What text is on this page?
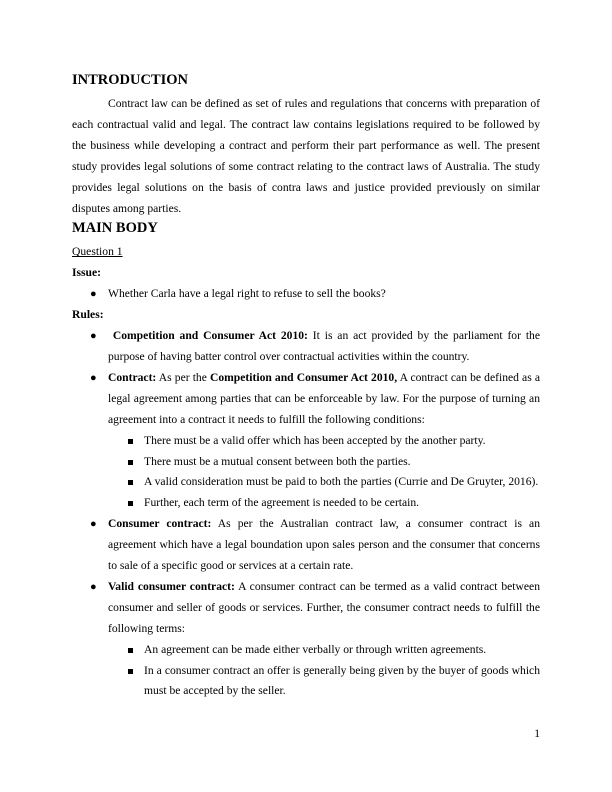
INTRODUCTION

Contract law can be defined as set of rules and regulations that concerns with preparation of each contractual valid and legal. The contract law contains legislations required to be followed by the business while developing a contract and perform their part performance as well. The present study provides legal solutions of some contract relating to the contract laws of Australia. The study provides legal solutions on the basis of contra laws and justice provided previously on similar disputes among parties.

MAIN BODY

Question 1

Issue:

● Whether Carla have a legal right to refuse to sell the books?

Rules:

● Competition and Consumer Act 2010: It is an act provided by the parliament for the purpose of having batter control over contractual activities within the country.
● Contract: As per the Competition and Consumer Act 2010, A contract can be defined as a legal agreement among parties that can be enforceable by law. For the purpose of turning an agreement into a contract it needs to fulfill the following conditions:
There must be a valid offer which has been accepted by the another party.
There must be a mutual consent between both the parties.
A valid consideration must be paid to both the parties (Currie and De Gruyter, 2016).
Further, each term of the agreement is needed to be certain.
● Consumer contract: As per the Australian contract law, a consumer contract is an agreement which have a legal boundation upon sales person and the consumer that concerns to sale of a specific good or services at a certain rate.
● Valid consumer contract: A consumer contract can be termed as a valid contract between consumer and seller of goods or services. Further, the consumer contract needs to fulfill the following terms:
An agreement can be made either verbally or through written agreements.
In a consumer contract an offer is generally being given by the buyer of goods which must be accepted by the seller.
1
